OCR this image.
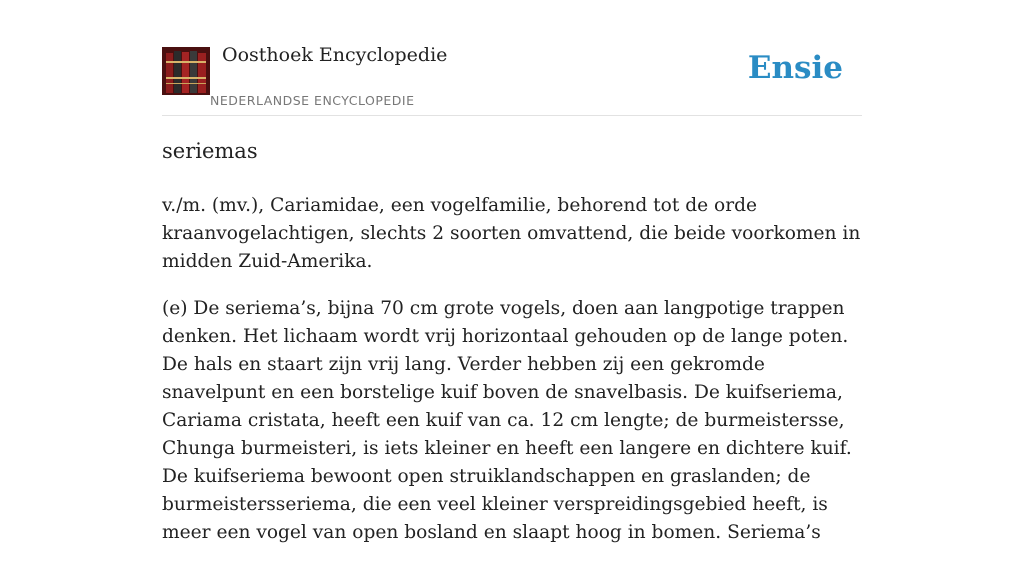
Oosthoek Encyclopedie
NEDERLANDSE ENCYCLOPEDIE
Ensie
seriemas

v./m. (mv.), Cariamidae, een vogelfamilie, behorend tot de orde kraanvogelachtigen, slechts 2 soorten omvattend, die beide voorkomen in midden Zuid-Amerika.

(e) De seriema’s, bijna 70 cm grote vogels, doen aan langpotige trappen denken. Het lichaam wordt vrij horizontaal gehouden op de lange poten. De hals en staart zijn vrij lang. Verder hebben zij een gekromde snavelpunt en een borstelige kuif boven de snavelbasis. De kuifseriema, Cariama cristata, heeft een kuif van ca. 12 cm lengte; de burmeistersse, Chunga burmeisteri, is iets kleiner en heeft een langere en dichtere kuif. De kuifseriema bewoont open struiklandschappen en graslanden; de burmeistersseriema, die een veel kleiner verspreidingsgebied heeft, is meer een vogel van open bosland en slaapt hoog in bomen. Seriema’s
